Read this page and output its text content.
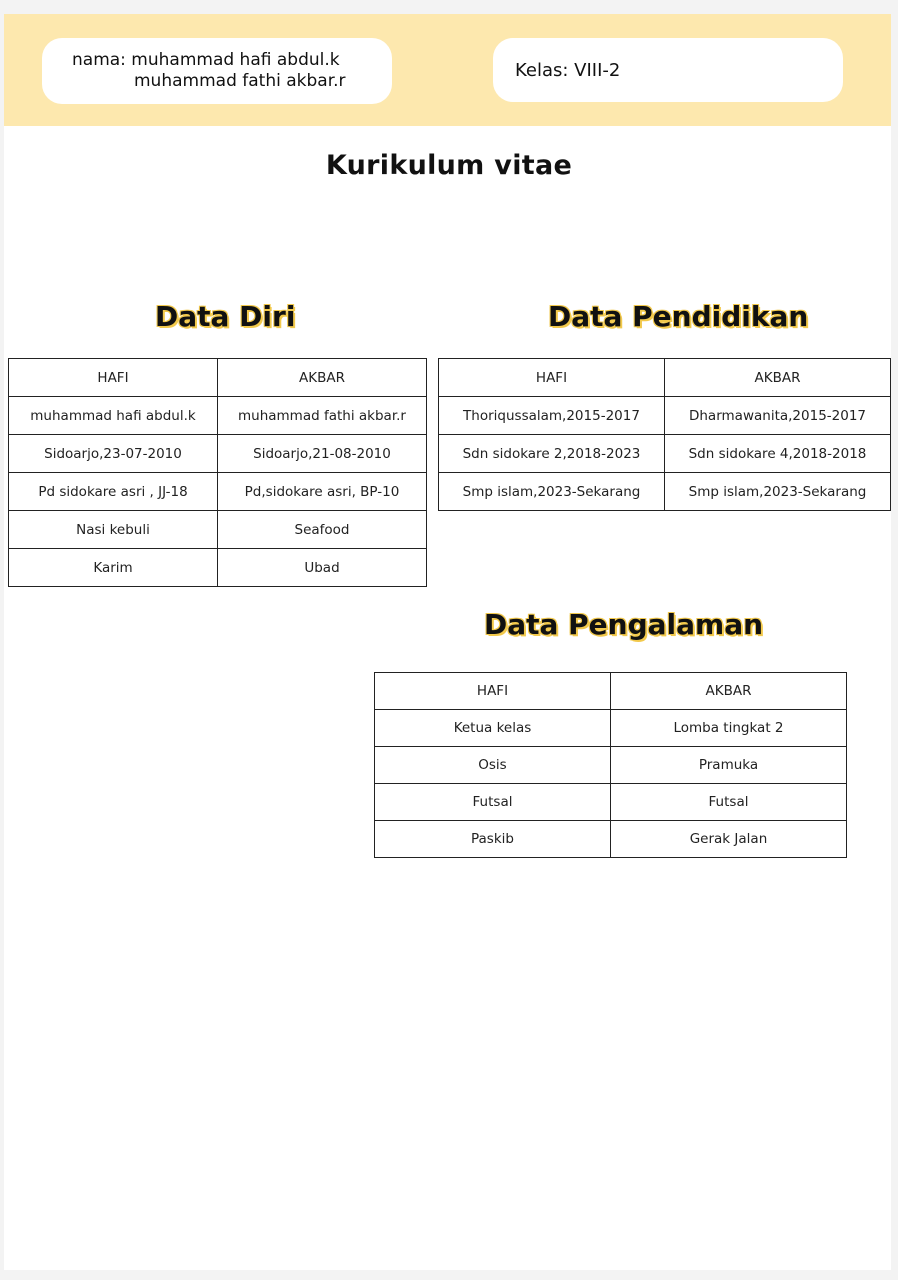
nama: muhammad hafi abdul.k
muhammad fathi akbar.r	Kelas: VIII-2
Kurikulum vitae
Data Diri	Data Pendidikan
Data Pengalaman
HAFI	AKBAR
muhammad hafi abdul.k	muhammad fathi akbar.r
Sidoarjo,23-07-2010	Sidoarjo,21-08-2010
Pd sidokare asri , JJ-18	Pd,sidokare asri, BP-10
Nasi kebuli	Seafood
Karim	Ubad
HAFI	AKBAR
Thoriqussalam,2015-2017	Dharmawanita,2015-2017
Sdn sidokare 2,2018-2023	Sdn sidokare 4,2018-2018
Smp islam,2023-Sekarang	Smp islam,2023-Sekarang
HAFI	AKBAR
Ketua kelas	Lomba tingkat 2
Osis	Pramuka
Futsal	Futsal
Paskib	Gerak Jalan
